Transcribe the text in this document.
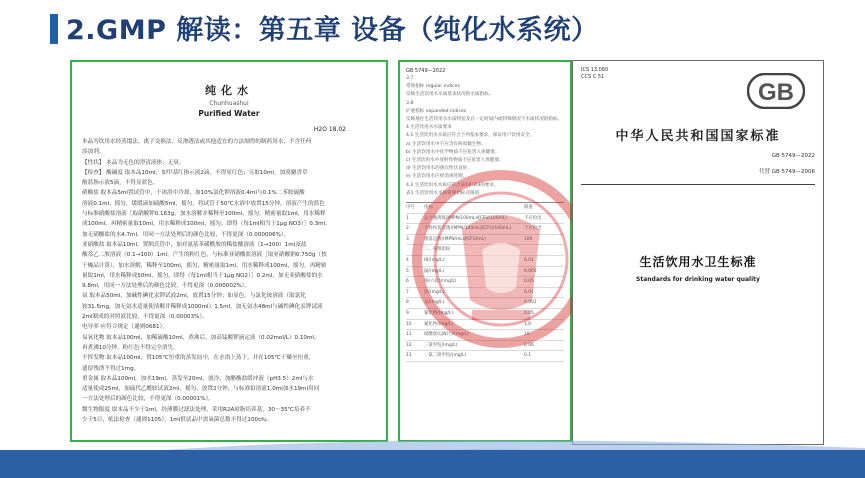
2.GMP 解读：第五章 设备（纯化水系统）
纯化水
Chunhuashui
Purified Water
H2O 18.02
本品为饮用水经蒸馏法、离子交换法、反渗透法或其他适宜的方法制得的制药用水，不含任何
添加剂。
【性状】 本品为无色的澄清液体；无臭。
【检查】 酸碱度 取本品10ml，加甲基红指示液2滴，不得显红色；另取10ml，加溴麝香草
酚蓝指示液5滴，不得显蓝色。
硝酸盐 取本品5ml置试管中，于冰浴中冷却，加10%氯化钾溶液0.4ml与0.1%二苯胺硫酸
溶液0.1ml，摇匀，缓缓滴加硫酸5ml，摇匀，将试管于50℃水浴中放置15分钟，溶液产生的蓝色
与标准硝酸盐溶液［取硝酸钾0.163g，加水溶解并稀释至100ml，摇匀，精密量取1ml，用水稀释
成100ml，再精密量取10ml，用水稀释成100ml，摇匀，即得（每1ml相当于1μg NO3）］0.3ml，
加无硝酸盐的水4.7ml，用同一方法处理后的颜色比较，不得更深（0.000006%）。
亚硝酸盐 取本品10ml，置纳氏管中，加对氨基苯磺酰胺的稀盐酸溶液（1→100）1ml及盐
酸萘乙二胺溶液（0.1→100）1ml，产生的粉红色，与标准亚硝酸盐溶液［取亚硝酸钠0.750g（按
干燥品计算），加水溶解，稀释至100ml，摇匀，精密量取1ml，用水稀释成100ml，摇匀，再精密
量取1ml，用水稀释成50ml，摇匀，即得（每1ml相当于1μg NO2）］0.2ml，加无亚硝酸盐的水
9.8ml，用同一方法处理后的颜色比较，不得更深（0.000002%）。
氨 取本品50ml，加碱性碘化汞钾试液2ml，放置15分钟；如显色，与氯化铵溶液（取氯化
铵31.5mg，加无氨水适量使溶解并稀释成1000ml）1.5ml，加无氨水48ml与碱性碘化汞钾试液
2ml制成的对照液比较，不得更深（0.00003%）。
电导率 应符合规定（通则0681）。
易氧化物 取本品100ml，加稀硫酸10ml，煮沸后，加高锰酸钾滴定液（0.02mol/L）0.10ml，
再煮沸10分钟，粉红色不得完全消失。
不挥发物 取本品100ml，置105℃恒重的蒸发皿中，在水浴上蒸干，并在105℃干燥至恒重，
遗留残渣不得过1mg。
重金属 取本品100ml，加水19ml，蒸发至20ml，放冷，加醋酸盐缓冲液（pH3.5）2ml与水
适量使成25ml，加硫代乙酰胺试液2ml，摇匀，放置2分钟，与标准铅溶液1.0ml加水19ml用同
一方法处理后的颜色比较，不得更深（0.00001%）。
微生物限度 取本品不少于1ml，经薄膜过滤法处理，采用R2A琼脂培养基，30～35℃培养不
少于5日，依法检查（通则1105），1ml供试品中需氧菌总数不得过100cfu。
GB 5749—2022
3.7
常规指标 regular indices
反映生活饮用水水质基本状况的水质指标。
3.8
扩展指标 expanded indices
反映地区生活饮用水水质特征及在一定时间内或特殊情况下水质状况的指标。
4 生活饮用水水质要求
4.1 生活饮用水水质应符合下列基本要求，保证用户饮用安全。
a) 生活饮用水中不应含有病原微生物；
b) 生活饮用水中化学物质不应危害人体健康；
c) 生活饮用水中放射性物质不应危害人体健康；
d) 生活饮用水的感官性状良好；
e) 生活饮用水应经消毒处理。
4.2 生活饮用水水质应符合表1和表3的要求。
表1 生活饮用水水质常规指标及限值
序号	指标	限值
1	总大肠菌群/(MPN/100mL或CFU/100mL)	不应检出
2	大肠埃希氏菌/(MPN/100mL或CFU/100mL)	不应检出
3	菌落总数/(MPN/mL或CFU/mL)	100
二、毒理指标
4	砷/(mg/L)	0.01
5	镉/(mg/L)	0.005
6	铬(六价)/(mg/L)	0.05
7	铅/(mg/L)	0.01
8	汞/(mg/L)	0.001
9	氰化物/(mg/L)	0.05
10	氟化物/(mg/L)	1.0
11	硝酸盐(以N计)/(mg/L)	10
12	三氯甲烷/(mg/L)	0.06
13	一氯二溴甲烷/(mg/L)	0.1
ICS 13.060
CCS C 51
GB
中华人民共和国国家标准
GB 5749—2022
代替 GB 5749—2006
生活饮用水卫生标准
Standards for drinking water quality
